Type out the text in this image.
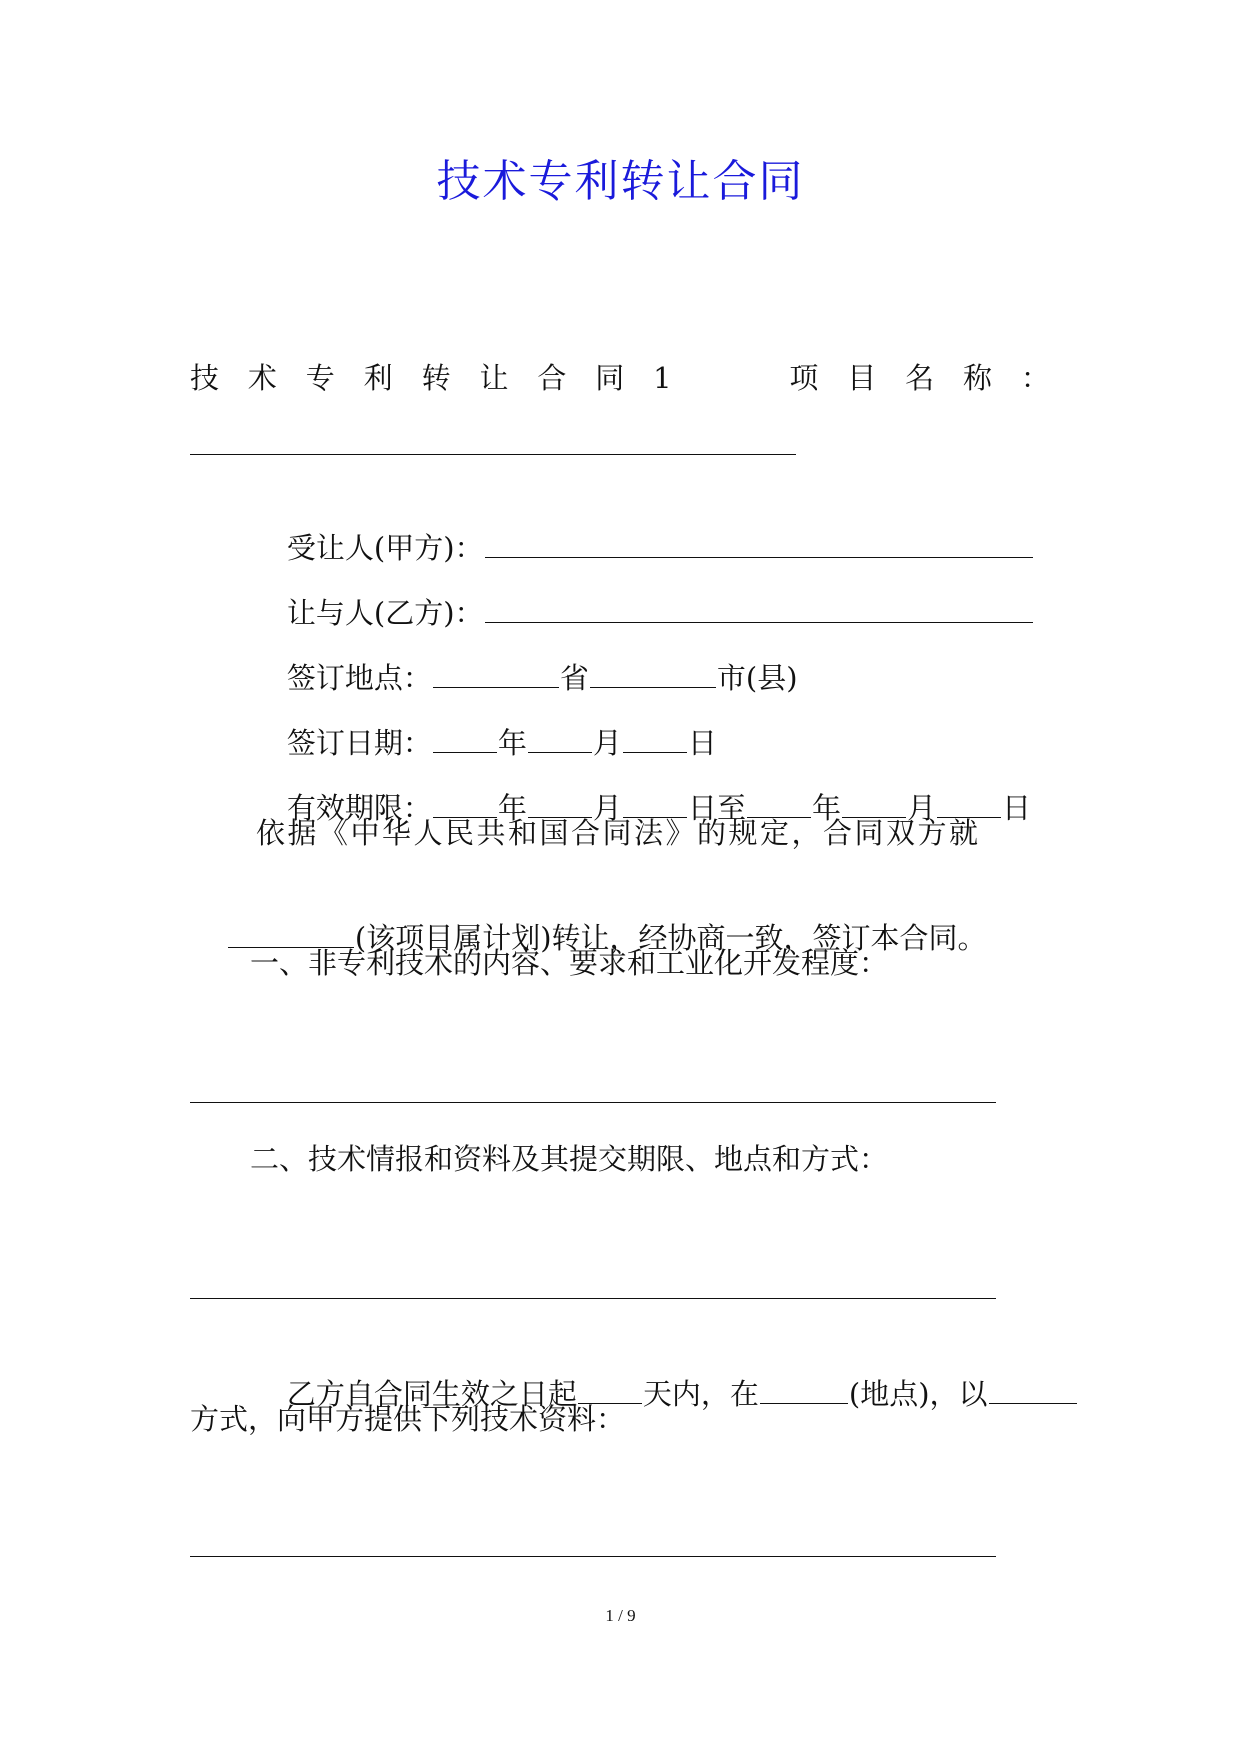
技术专利转让合同
技 术 专 利 转 让 合 同 1	项 目 名 称 ：

受让人(甲方)：

让与人(乙方)：

签订地点：	省	市(县)

签订日期： 年 月 日

有效期限： 年 月 日至 年 月 日

依据《中华人民共和国合同法》的规定，合同双方就

(该项目属计划)转让，经协商一致，签订本合同。

一、非专利技术的内容、要求和工业化开发程度：
二、技术情报和资料及其提交期限、地点和方式：

乙方自合同生效之日起 天内，在	(地点)，以

方式，向甲方提供下列技术资料：
1 / 9
